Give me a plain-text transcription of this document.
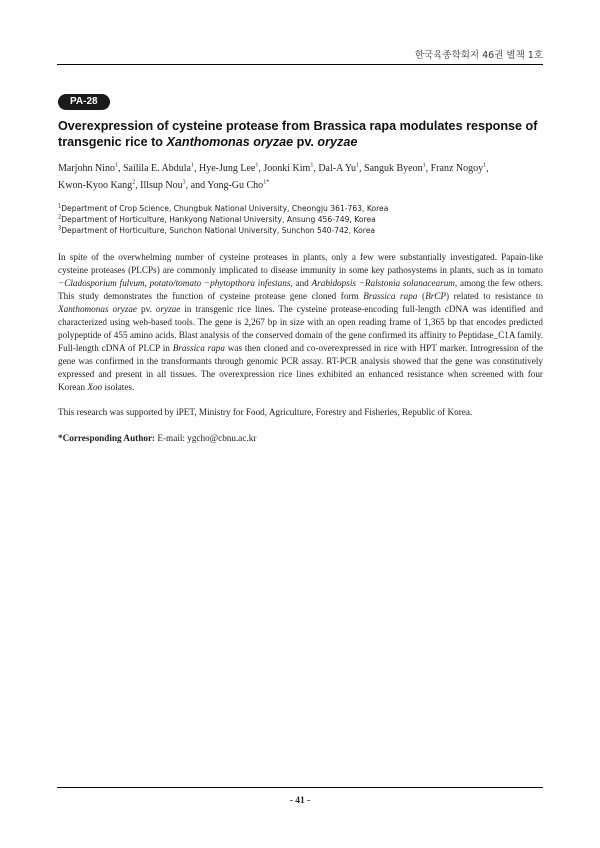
한국육종학회지 46권 별책 1호
PA-28
Overexpression of cysteine protease from Brassica rapa modulates response of transgenic rice to Xanthomonas oryzae pv. oryzae
Marjohn Nino$^1$, Sailila E. Abdula$^1$, Hye-Jung Lee$^1$, Joonki Kim$^1$, Dal-A Yu$^1$, Sanguk Byeon$^1$, Franz Nogoy$^1$,
Kwon-Kyoo Kang$^2$, Illsup Nou$^3$, and Yong-Gu Cho$^{1*}$
$^1$Department of Crop Science, Chungbuk National University, Cheongju 361-763, Korea
$^2$Department of Horticulture, Hankyong National University, Ansung 456-749, Korea
$^3$Department of Horticulture, Sunchon National University, Sunchon 540-742, Korea

In spite of the overwhelming number of cysteine proteases in plants, only a few were substantially investigated. Papain-like cysteine proteases (PLCPs) are commonly implicated to disease immunity in some key pathosystems in plants, such as in tomato −Cladosporium fulvum, potato/tomato −phytopthora infestans, and Arabidopsis −Ralstonia solanacearum, among the few others. This study demonstrates the function of cysteine protease gene cloned form Brassica rapa (BrCP) related to resistance to Xanthomonas oryzae pv. oryzae in transgenic rice lines. The cysteine protease-encoding full-length cDNA was identified and characterized using web-based tools. The gene is 2,267 bp in size with an open reading frame of 1,365 bp that encodes predicted polypeptide of 455 amino acids. Blast analysis of the conserved domain of the gene confirmed its affinity to Peptidase_C1A family. Full-length cDNA of PLCP in Brassica rapa was then cloned and co-overexpressed in rice with HPT marker. Introgression of the gene was confirmed in the transformants through genomic PCR assay. RT-PCR analysis showed that the gene was constitutively expressed and present in all tissues. The overexpression rice lines exhibited an enhanced resistance when screened with four Korean Xoo isolates.

This research was supported by iPET, Ministry for Food, Agriculture, Forestry and Fisheries, Republic of Korea.

*Corresponding Author: E-mail: ygcho@cbnu.ac.kr

- 41 -
